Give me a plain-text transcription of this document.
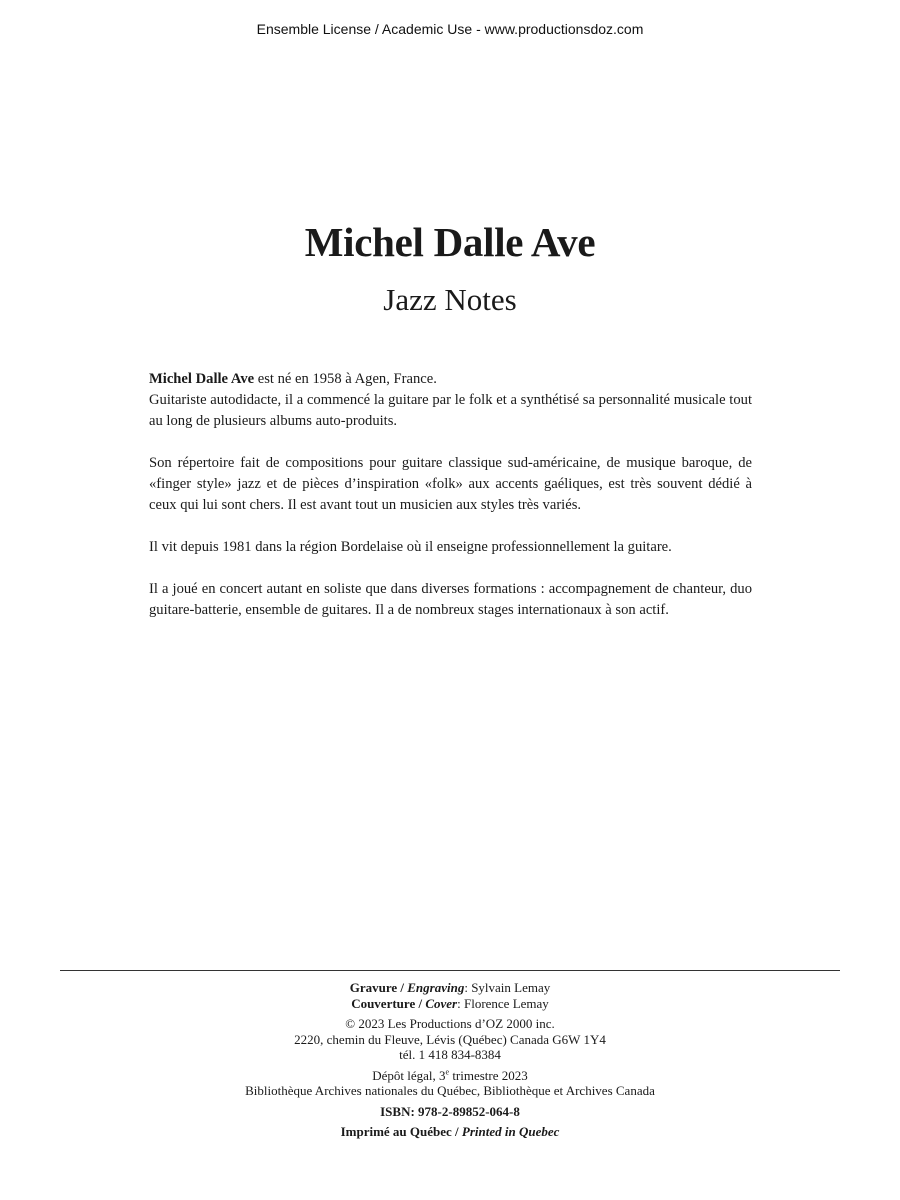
Ensemble License / Academic Use - www.productionsdoz.com
Michel Dalle Ave
Jazz Notes

Michel Dalle Ave est né en 1958 à Agen, France.

Guitariste autodidacte, il a commencé la guitare par le folk et a synthétisé sa personnalité musicale tout au long de plusieurs albums auto-produits.

Son répertoire fait de compositions pour guitare classique sud-américaine, de musique baroque, de «finger style» jazz et de pièces d’inspiration «folk» aux accents gaéliques, est très souvent dédié à ceux qui lui sont chers. Il est avant tout un musicien aux styles très variés.

Il vit depuis 1981 dans la région Bordelaise où il enseigne professionnellement la guitare.

Il a joué en concert autant en soliste que dans diverses formations : accompagnement de chanteur, duo guitare-batterie, ensemble de guitares. Il a de nombreux stages internationaux à son actif.

Gravure / Engraving: Sylvain Lemay
Couverture / Cover: Florence Lemay
© 2023 Les Productions d’OZ 2000 inc.
2220, chemin du Fleuve, Lévis (Québec) Canada G6W 1Y4
tél. 1 418 834-8384
Dépôt légal, 3e trimestre 2023
Bibliothèque Archives nationales du Québec, Bibliothèque et Archives Canada
ISBN: 978-2-89852-064-8
Imprimé au Québec / Printed in Quebec
